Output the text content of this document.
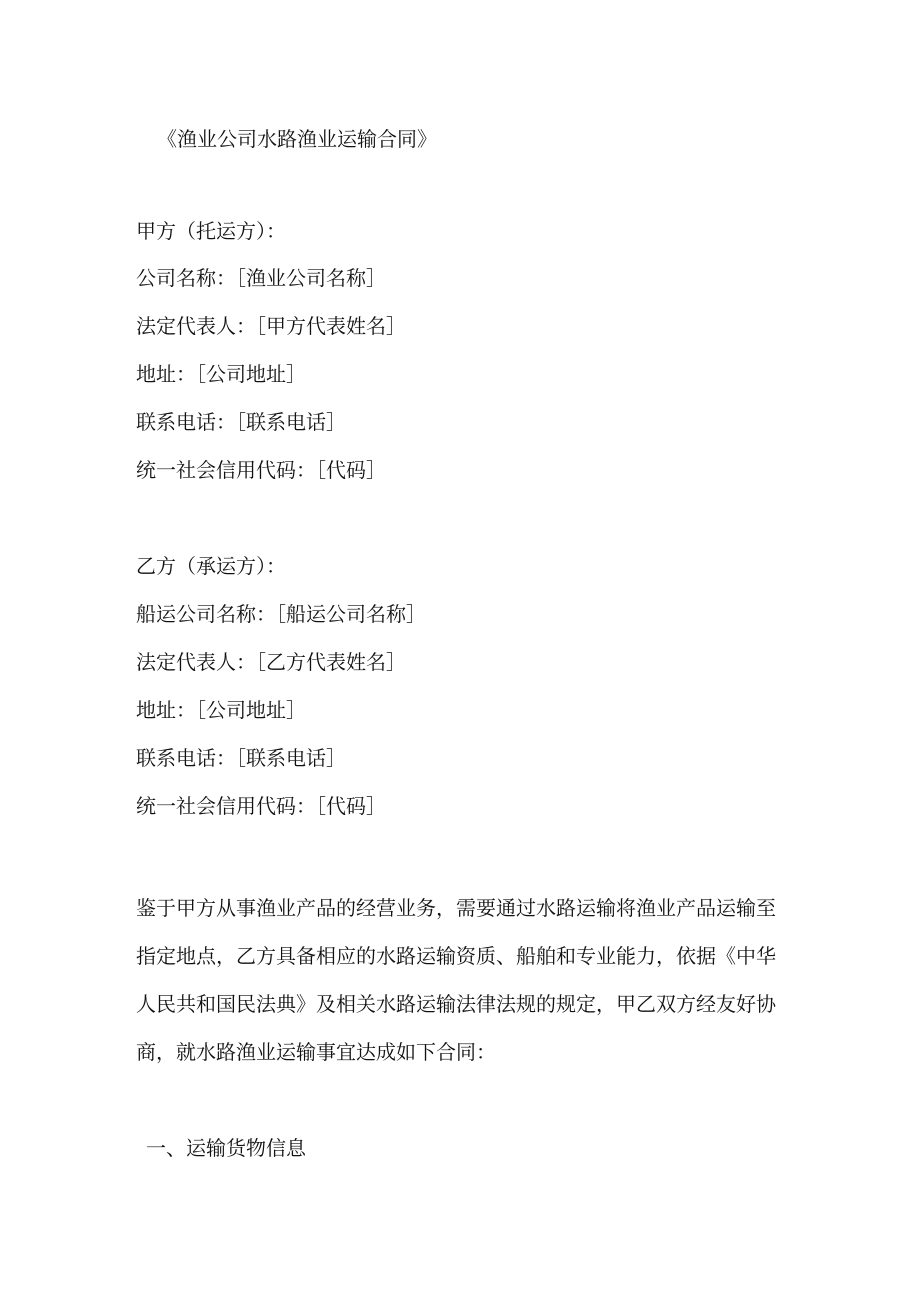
《渔业公司水路渔业运输合同》
甲方（托运方）：
公司名称：［渔业公司名称］
法定代表人：［甲方代表姓名］
地址：［公司地址］
联系电话：［联系电话］
统一社会信用代码：［代码］
乙方（承运方）：
船运公司名称：［船运公司名称］
法定代表人：［乙方代表姓名］
地址：［公司地址］
联系电话：［联系电话］
统一社会信用代码：［代码］
鉴于甲方从事渔业产品的经营业务，需要通过水路运输将渔业产品运输至
指定地点，乙方具备相应的水路运输资质、船舶和专业能力，依据《中华
人民共和国民法典》及相关水路运输法律法规的规定，甲乙双方经友好协
商，就水路渔业运输事宜达成如下合同：
一、运输货物信息
